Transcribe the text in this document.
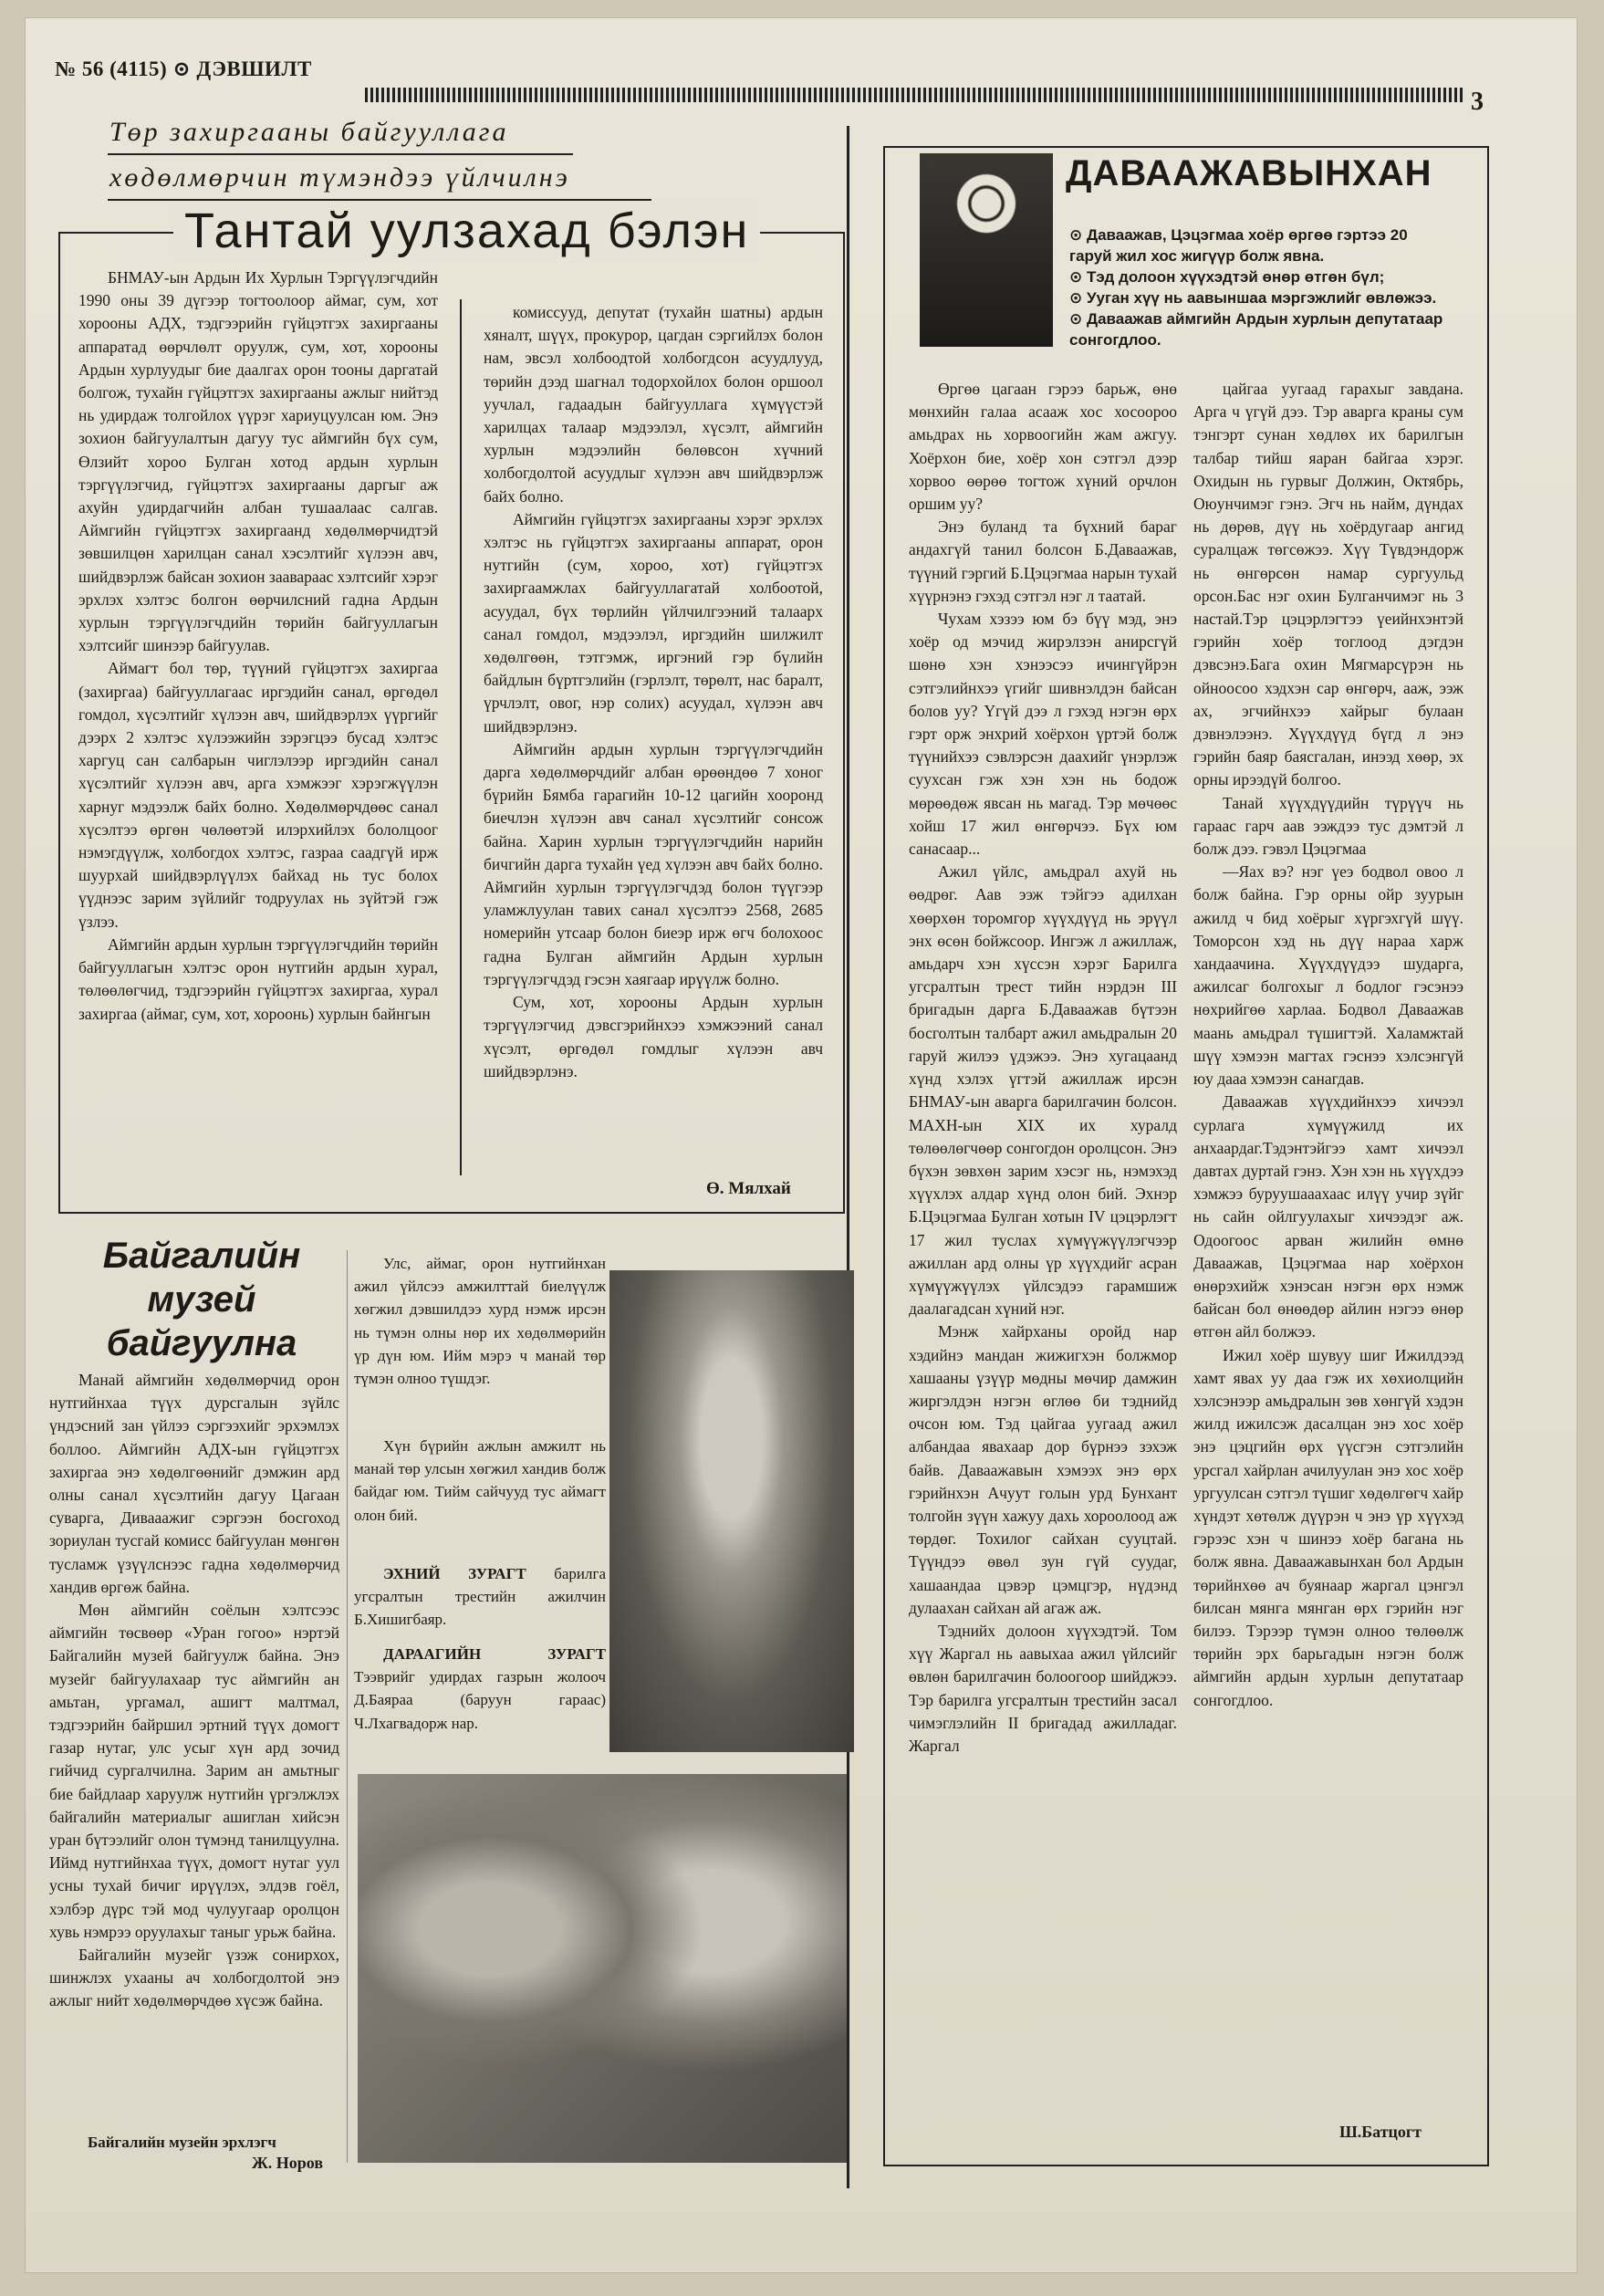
№ 56 (4115) ⊙ ДЭВШИЛТ
3
Төр захиргааны байгууллага
хөдөлмөрчин түмэндээ үйлчилнэ
Тантай уулзахад бэлэн

БНМАУ-ын Ардын Их Хурлын Тэргүүлэгчдийн 1990 оны 39 дүгээр тогтоолоор аймаг, сум, хот хорооны АДХ, тэдгээрийн гүйцэтгэх захиргааны аппаратад өөрчлөлт оруулж, сум, хот, хорооны Ардын хурлуудыг бие даалгах орон тооны даргатай болгож, тухайн гүйцэтгэх захиргааны ажлыг нийтэд нь удирдаж толгойлох үүрэг хариуцуулсан юм. Энэ зохион байгуулалтын дагуу тус аймгийн бүх сум, Өлзийт хороо Булган хотод ардын хурлын тэргүүлэгчид, гүйцэтгэх захиргааны даргыг аж ахуйн удирдагчийн албан тушаалаас салгав. Аймгийн гүйцэтгэх захиргаанд хөдөлмөрчидтэй зөвшилцөн харилцан санал хэсэлтийг хүлээн авч, шийдвэрлэж байсан зохион заавараас хэлтсийг хэрэг эрхлэх хэлтэс болгон өөрчилсний гадна Ардын хурлын тэргүүлэгчдийн төрийн байгууллагын хэлтсийг шинээр байгуулав.

Аймагт бол төр, түүний гүйцэтгэх захиргаа (захиргаа) байгууллагаас иргэдийн санал, өргөдөл гомдол, хүсэлтийг хүлээн авч, шийдвэрлэх үүргийг дээрх 2 хэлтэс хүлээжийн зэрэгцээ бусад хэлтэс харгуц сан салбарын чиглэлээр иргэдийн санал хүсэлтийг хүлээн авч, арга хэмжээг хэрэгжүүлэн харнуг мэдээлж байх болно. Хөдөлмөрчдөөс санал хүсэлтээ өргөн чөлөөтэй илэрхийлэх бололцоог нэмэгдүүлж, холбогдох хэлтэс, газраа саадгүй ирж шуурхай шийдвэрлүүлэх байхад нь тус болох үүднээс зарим зүйлийг тодруулах нь зүйтэй гэж үзлээ.

Аймгийн ардын хурлын тэргүүлэгчдийн төрийн байгууллагын хэлтэс орон нутгийн ардын хурал, төлөөлөгчид, тэдгээрийн гүйцэтгэх захиргаа, хурал захиргаа (аймаг, сум, хот, хороонь) хурлын байнгын

комиссууд, депутат (тухайн шатны) ардын хяналт, шүүх, прокурор, цагдан сэргийлэх болон нам, эвсэл холбоодтой холбогдсон асуудлууд, төрийн дээд шагнал тодорхойлох болон оршоол уучлал, гадаадын байгууллага хүмүүстэй харилцах талаар мэдээлэл, хүсэлт, аймгийн хурлын мэдээлийн бөлөвсон хүчний холбогдолтой асуудлыг хүлээн авч шийдвэрлэж байх болно.

Аймгийн гүйцэтгэх захиргааны хэрэг эрхлэх хэлтэс нь гүйцэтгэх захиргааны аппарат, орон нутгийн (сум, хороо, хот) гүйцэтгэх захиргаамжлах байгууллагатай холбоотой, асуудал, бүх төрлийн үйлчилгээний талаарх санал гомдол, мэдээлэл, иргэдийн шилжилт хөдөлгөөн, тэтгэмж, иргэний гэр бүлийн байдлын бүртгэлийн (гэрлэлт, төрөлт, нас баралт, үрчлэлт, овог, нэр солих) асуудал, хүлээн авч шийдвэрлэнэ.

Аймгийн ардын хурлын тэргүүлэгчдийн дарга хөдөлмөрчдийг албан өрөөндөө 7 хоног бүрийн Бямба гарагийн 10-12 цагийн хооронд биечлэн хүлээн авч санал хүсэлтийг сонсож байна. Харин хурлын тэргүүлэгчдийн нарийн бичгийн дарга тухайн үед хүлээн авч байх болно. Аймгийн хурлын тэргүүлэгчдэд болон түүгээр уламжлуулан тавих санал хүсэлтээ 2568, 2685 номерийн утсаар болон биеэр ирж өгч болохоос гадна Булган аймгийн Ардын хурлын тэргүүлэгчдэд гэсэн хаягаар ирүүлж болно.

Сум, хот, хорооны Ардын хурлын тэргүүлэгчид дэвсгэрийнхээ хэмжээний санал хүсэлт, өргөдөл гомдлыг хүлээн авч шийдвэрлэнэ.

Ө. Мялхай
Байгалийн
музей
байгуулна

Манай аймгийн хөдөлмөрчид орон нутгийнхаа түүх дурсгалын зүйлс үндэсний зан үйлээ сэргээхийг эрхэмлэх боллоо. Аймгийн АДХ-ын гүйцэтгэх захиргаа энэ хөдөлгөөнийг дэмжин ард олны санал хүсэлтийн дагуу Цагаан суварга, Дивааажиг сэргээн босгоход зориулан тусгай комисс байгуулан мөнгөн тусламж үзүүлснээс гадна хөдөлмөрчид хандив өргөж байна.

Мөн аймгийн соёлын хэлтсээс аймгийн төсвөөр «Уран гогоо» нэртэй Байгалийн музей байгуулж байна. Энэ музейг байгуулахаар тус аймгийн ан амьтан, ургамал, ашигт малтмал, тэдгээрийн байршил эртний түүх домогт газар нутаг, улс усыг хүн ард зочид гийчид сургалчилна. Зарим ан амьтныг бие байдлаар харуулж нутгийн үргэлжлэх байгалийн материалыг ашиглан хийсэн уран бүтээлийг олон түмэнд танилцуулна. Иймд нутгийнхаа түүх, домогт нутаг уул усны тухай бичиг ирүүлэх, элдэв гоёл, хэлбэр дүрс тэй мод чулуугаар оролцон хувь нэмрээ оруулахыг таныг урьж байна.

Байгалийн музейг үзэж сонирхох, шинжлэх ухааны ач холбогдолтой энэ ажлыг нийт хөдөлмөрчдөө хүсэж байна.

Байгалийн музейн эрхлэгч
Ж. Норов

Улс, аймаг, орон нутгийнхан ажил үйлсээ амжилттай биелүүлж хөгжил дэвшилдээ хурд нэмж ирсэн нь түмэн олны нөр их хөдөлмөрийн үр дүн юм. Ийм мэрэ ч манай төр түмэн олноо түшдэг.

Хүн бүрийн ажлын амжилт нь манай төр улсын хөгжил хандив болж байдаг юм. Тийм сайчууд тус аймагт олон бий.

ЭХНИЙ ЗУРАГТ барилга угсралтын трестийн ажилчин Б.Хишигбаяр.

ДАРААГИЙН ЗУРАГТ Тээврийг удирдах газрын жолооч Д.Баяраа (баруун гараас) Ч.Лхагвадорж нар.

ДАВААЖАВЫНХАН
⊙ Даваажав, Цэцэгмаа хоёр өргөө гэртээ 20 гаруй жил хос жигүүр болж явна.
⊙ Тэд долоон хүүхэдтэй өнөр өтгөн бүл;
⊙ Ууган хүү нь аавыншаа мэргэжлийг өвлөжээ.
⊙ Даваажав аймгийн Ардын хурлын депутатаар сонгогдлоо.

Өргөө цагаан гэрээ барьж, өнө мөнхийн галаа асааж хос хосоороо амьдрах нь хорвоогийн жам ажгуу. Хоёрхон бие, хоёр хон сэтгэл дээр хорвоо өөрөө тогтож хүний орчлон оршим уу?

Энэ буланд та бүхний бараг андахгүй танил болсон Б.Даваажав, түүний гэргий Б.Цэцэгмаа нарын тухай хүүрнэнэ гэхэд сэтгэл нэг л таатай.

Чухам хэзээ юм бэ бүү мэд, энэ хоёр од мэчид жирэлзэн анирсгүй шөнө хэн хэнээсээ ичингүйрэн сэтгэлийнхээ үгийг шивнэлдэн байсан болов уу? Үгүй дээ л гэхэд нэгэн өрх гэрт орж энхрий хоёрхон үртэй болж түүнийхээ сэвлэрсэн даахийг үнэрлэж суухсан гэж хэн хэн нь бодож мөрөөдөж явсан нь магад. Тэр мөчөөс хойш 17 жил өнгөрчээ. Бүх юм санасаар...

Ажил үйлс, амьдрал ахуй нь өөдрөг. Аав ээж тэйгээ адилхан хөөрхөн торомгор хүүхдүүд нь эрүүл энх өсөн бойжсоор. Ингэж л ажиллаж, амьдарч хэн хүссэн хэрэг Барилга угсралтын трест тийн нэрдэн III бригадын дарга Б.Даваажав бүтээн босголтын талбарт ажил амьдралын 20 гаруй жилээ үдэжээ. Энэ хугацаанд хүнд хэлэх үгтэй ажиллаж ирсэн БНМАУ-ын аварга барилгачин болсон. МАХН-ын XIX их хуралд төлөөлөгчөөр сонгогдон оролцсон. Энэ бүхэн зөвхөн зарим хэсэг нь, нэмэхэд хүүхлэх алдар хүнд олон бий. Эхнэр Б.Цэцэгмаа Булган хотын IV цэцэрлэгт 17 жил туслах хүмүүжүүлэгчээр ажиллан ард олны үр хүүхдийг асран хүмүүжүүлэх үйлсэдээ гарамшиж даалагадсан хүний нэг.

Мэнж хайрханы оройд нар хэдийнэ мандан жижигхэн болжмор хашааны үзүүр мөдны мөчир дамжин жиргэлдэн нэгэн өглөө би тэднийд очсон юм. Тэд цайгаа уугаад ажил албандаа явахаар дор бүрнээ зэхэж байв. Даваажавын хэмээх энэ өрх гэрийнхэн Ачуут голын урд Бунхант толгойн зүүн хажуу дахь хороолоод аж төрдөг. Тохилог сайхан сууцтай. Түүндээ өвөл зун гүй суудаг, хашаандаа цэвэр цэмцгэр, нүдэнд дулаахан сайхан ай агаж аж.

Тэднийх долоон хүүхэдтэй. Том хүү Жаргал нь аавыхаа ажил үйлсийг өвлөн барилгачин болоогоор шийджээ. Тэр барилга угсралтын трестийн засал чимэглэлийн II бригадад ажилладаг. Жаргал

цайгаа уугаад гарахыг завдана. Арга ч үгүй дээ. Тэр аварга краны сум тэнгэрт сунан хөдлөх их барилгын талбар тийш яаран байгаа хэрэг. Охидын нь гурвыг Должин, Октябрь, Оюунчимэг гэнэ. Эгч нь найм, дүндах нь дөрөв, дүү нь хоёрдугаар ангид суралцаж төгсөжээ. Хүү Түвдэндорж нь өнгөрсөн намар сургуульд орсон.Бас нэг охин Булганчимэг нь 3 настай.Тэр цэцэрлэгтээ үеийнхэнтэй гэрийн хоёр тоглоод дэгдэн дэвсэнэ.Бага охин Мягмарсүрэн нь ойноосоо хэдхэн сар өнгөрч, ааж, ээж ах, эгчийнхээ хайрыг булаан дэвнэлээнэ. Хүүхдүүд бүгд л энэ гэрийн баяр баясгалан, инээд хөөр, эх орны ирээдүй болгоо.

Танай хүүхдүүдийн түрүүч нь гараас гарч аав ээждээ тус дэмтэй л болж дээ. гэвэл Цэцэгмаа

—Яах вэ? нэг үеэ бодвол овоо л болж байна. Гэр орны ойр зуурын ажилд ч бид хоёрыг хүргэхгүй шүү. Томорсон хэд нь дүү нараа харж хандаачина. Хүүхдүүдээ шударга, ажилсаг болгохыг л бодлог гэсэнээ нөхрийгөө харлаа. Бодвол Даваажав маань амьдрал түшигтэй. Халамжтай шүү хэмээн магтах гэснээ хэлсэнгүй юу дааа хэмээн санагдав.

Даваажав хүүхдийнхээ хичээл сурлага хүмүүжилд их анхаардаг.Тэдэнтэйгээ хамт хичээл давтах дуртай гэнэ. Хэн хэн нь хүүхдээ хэмжээ буруушааахаас илүү учир зүйг нь сайн ойлгуулахыг хичээдэг аж. Одоогоос арван жилийн өмнө Даваажав, Цэцэгмаа нар хоёрхон өнөрэхийж хэнэсан нэгэн өрх нэмж байсан бол өнөөдөр айлин нэгээ өнөр өтгөн айл болжээ.

Ижил хоёр шувуу шиг Ижилдээд хамт явах уу даа гэж их хөхиолцийн хэлсэнээр амьдралын зөв хөнгүй хэдэн жилд ижилсэж дасалцан энэ хос хоёр энэ цэцгийн өрх үүсгэн сэтгэлийн урсгал хайрлан ачилуулан энэ хос хоёр ургуулсан сэтгэл түшиг хөдөлгөгч хайр хүндэт хөтөлж дүүрэн ч энэ үр хүүхэд гэрээс хэн ч шинээ хоёр багана нь болж явна. Даваажавынхан бол Ардын төрийнхөө ач буянаар жаргал цэнгэл билсан мянга мянган өрх гэрийн нэг билээ. Тэрээр түмэн олноо төлөөлж төрийн эрх барьгадын нэгэн болж аймгийн ардын хурлын депутатаар сонгогдлоо.

Ш.Батцогт
